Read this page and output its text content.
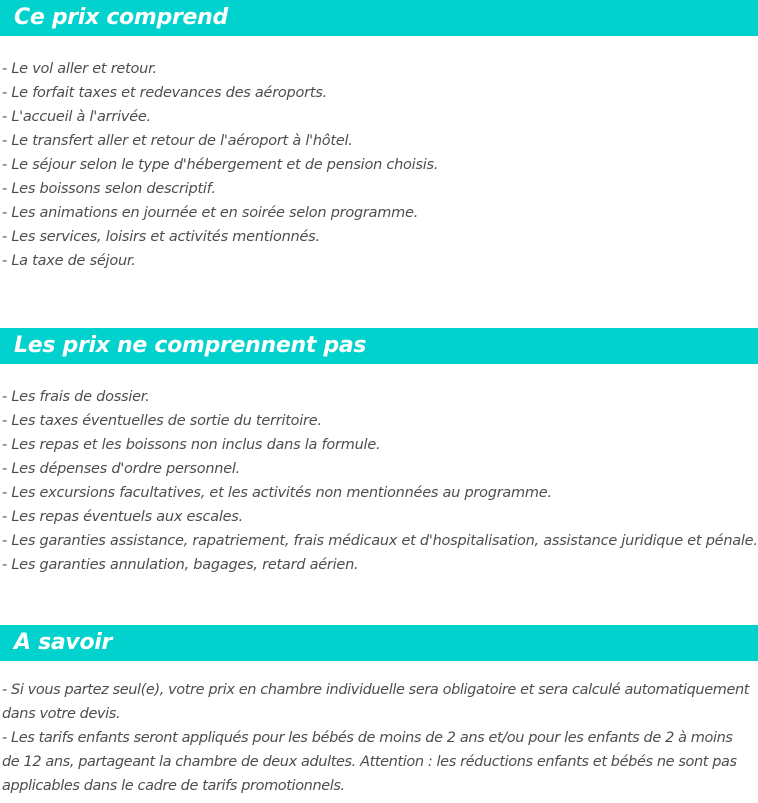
Ce prix comprend
- Le vol aller et retour.
- Le forfait taxes et redevances des aéroports.
- L'accueil à l'arrivée.
- Le transfert aller et retour de l'aéroport à l'hôtel.
- Le séjour selon le type d'hébergement et de pension choisis.
- Les boissons selon descriptif.
- Les animations en journée et en soirée selon programme.
- Les services, loisirs et activités mentionnés.
- La taxe de séjour.
Les prix ne comprennent pas
- Les frais de dossier.
- Les taxes éventuelles de sortie du territoire.
- Les repas et les boissons non inclus dans la formule.
- Les dépenses d'ordre personnel.
- Les excursions facultatives, et les activités non mentionnées au programme.
- Les repas éventuels aux escales.
- Les garanties assistance, rapatriement, frais médicaux et d'hospitalisation, assistance juridique et pénale.
- Les garanties annulation, bagages, retard aérien.
A savoir
- Si vous partez seul(e), votre prix en chambre individuelle sera obligatoire et sera calculé automatiquement dans votre devis.
- Les tarifs enfants seront appliqués pour les bébés de moins de 2 ans et/ou pour les enfants de 2 à moins de 12 ans, partageant la chambre de deux adultes. Attention : les réductions enfants et bébés ne sont pas applicables dans le cadre de tarifs promotionnels.
